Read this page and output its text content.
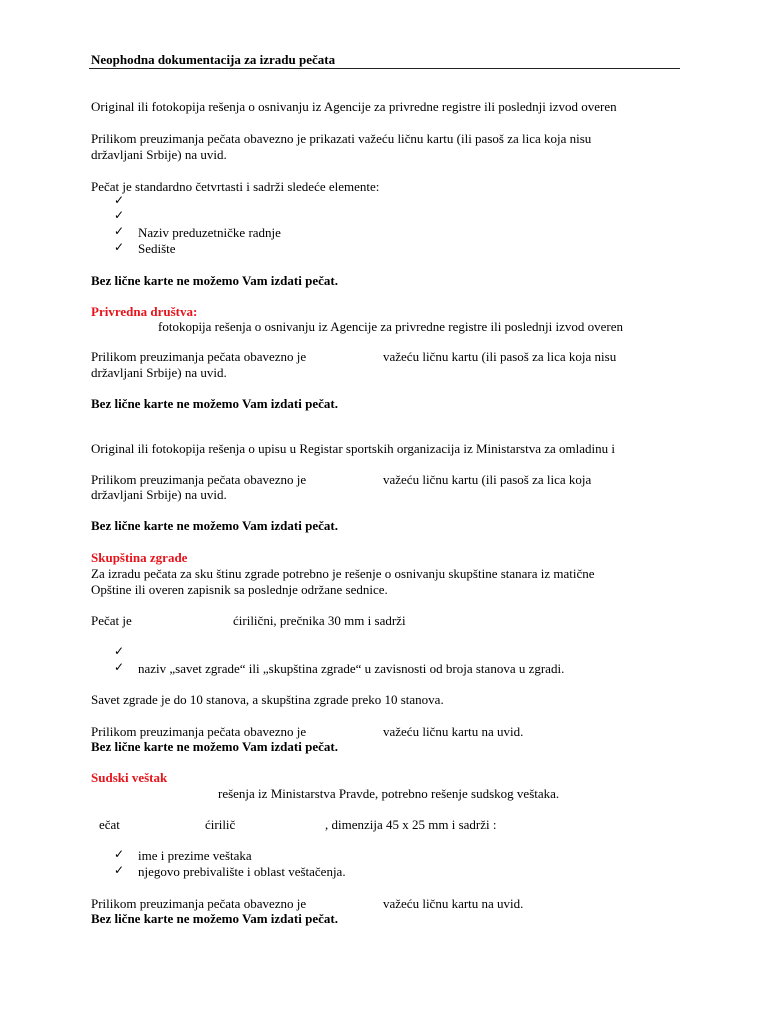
Neophodna dokumentacija za izradu pečata
Original ili fotokopija rešenja o osnivanju iz Agencije za privredne registre ili poslednji izvod overen
Prilikom preuzimanja pečata obavezno je prikazati važeću ličnu kartu (ili pasoš za lica koja nisu
državljani Srbije) na uvid.
Pečat je standardno četvrtasti i sadrži sledeće elemente:
✓
✓
✓ Naziv preduzetničke radnje
✓ Sedište
Bez lične karte ne možemo Vam izdati pečat.
Privredna društva:
fotokopija rešenja o osnivanju iz Agencije za privredne registre ili poslednji izvod overen
Prilikom preuzimanja pečata obavezno je	važeću ličnu kartu (ili pasoš za lica koja nisu
državljani Srbije) na uvid.
Bez lične karte ne možemo Vam izdati pečat.
Original ili fotokopija rešenja o upisu u Registar sportskih organizacija iz Ministarstva za omladinu i
Prilikom preuzimanja pečata obavezno je	važeću ličnu kartu (ili pasoš za lica koja
državljani Srbije) na uvid.
Bez lične karte ne možemo Vam izdati pečat.
Skupština zgrade
Za izradu pečata za sku štinu zgrade potrebno je rešenje o osnivanju skupštine stanara iz matične
Opštine ili overen zapisnik sa poslednje održane sednice.
Pečat je	ćirilični, prečnika 30 mm i sadrži
✓
✓ naziv „savet zgrade“ ili „skupština zgrade“ u zavisnosti od broja stanova u zgradi.
Savet zgrade je do 10 stanova, a skupština zgrade preko 10 stanova.
Prilikom preuzimanja pečata obavezno je	važeću ličnu kartu na uvid.
Bez lične karte ne možemo Vam izdati pečat.
Sudski veštak
rešenja iz Ministarstva Pravde, potrebno rešenje sudskog veštaka.
ečat	ćirilič	, dimenzija 45 x 25 mm i sadrži :
✓ ime i prezime veštaka
✓ njegovo prebivalište i oblast veštačenja.
Prilikom preuzimanja pečata obavezno je	važeću ličnu kartu na uvid.
Bez lične karte ne možemo Vam izdati pečat.
